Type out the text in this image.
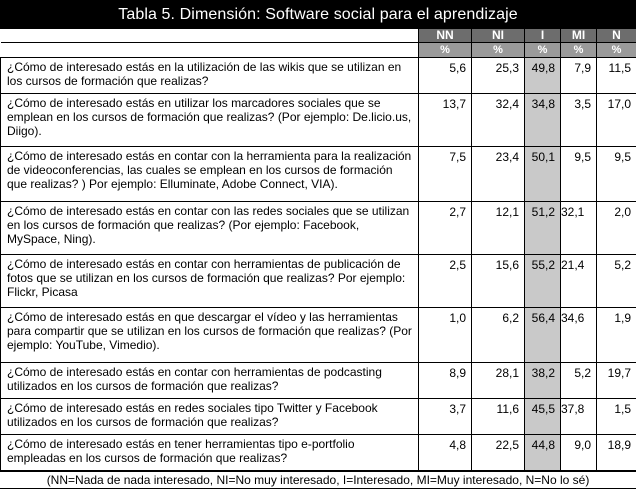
Tabla 5. Dimensión: Software social para el aprendizaje
	NN	NI	I	MI	N
	%	%	%	%	%
¿Cómo de interesado estás en la utilización de las wikis que se utilizan en los cursos de formación que realizas?	5,6	25,3	49,8	7,9	11,5
¿Cómo de interesado estás en utilizar los marcadores sociales que se emplean en los cursos de formación que realizas? (Por ejemplo: De.licio.us, Diigo).	13,7	32,4	34,8	3,5	17,0
¿Cómo de interesado estás en contar con la herramienta para la realización de videoconferencias, las cuales se emplean en los cursos de formación que realizas? ) Por ejemplo: Elluminate, Adobe Connect, VIA).	7,5	23,4	50,1	9,5	9,5
¿Cómo de interesado estás en contar con las redes sociales que se utilizan en los cursos de formación que realizas? (Por ejemplo: Facebook, MySpace, Ning).	2,7	12,1	51,2	32,1	2,0
¿Cómo de interesado estás en contar con herramientas de publicación de fotos que se utilizan en los cursos de formación que realizas? Por ejemplo: Flickr, Picasa	2,5	15,6	55,2	21,4	5,2
¿Cómo de interesado estás en que descargar el vídeo y las herramientas para compartir que se utilizan en los cursos de formación que realizas? (Por ejemplo: YouTube, Vimedio).	1,0	6,2	56,4	34,6	1,9
¿Cómo de interesado estás en contar con herramientas de podcasting utilizados en los cursos de formación que realizas?	8,9	28,1	38,2	5,2	19,7
¿Cómo de interesado estás en redes sociales tipo Twitter y Facebook utilizados en los cursos de formación que realizas?	3,7	11,6	45,5	37,8	1,5
¿Cómo de interesado estás en tener herramientas tipo e-portfolio empleadas en los cursos de formación que realizas?	4,8	22,5	44,8	9,0	18,9
(NN=Nada de nada interesado, NI=No muy interesado, I=Interesado, MI=Muy interesado, N=No lo sé)
